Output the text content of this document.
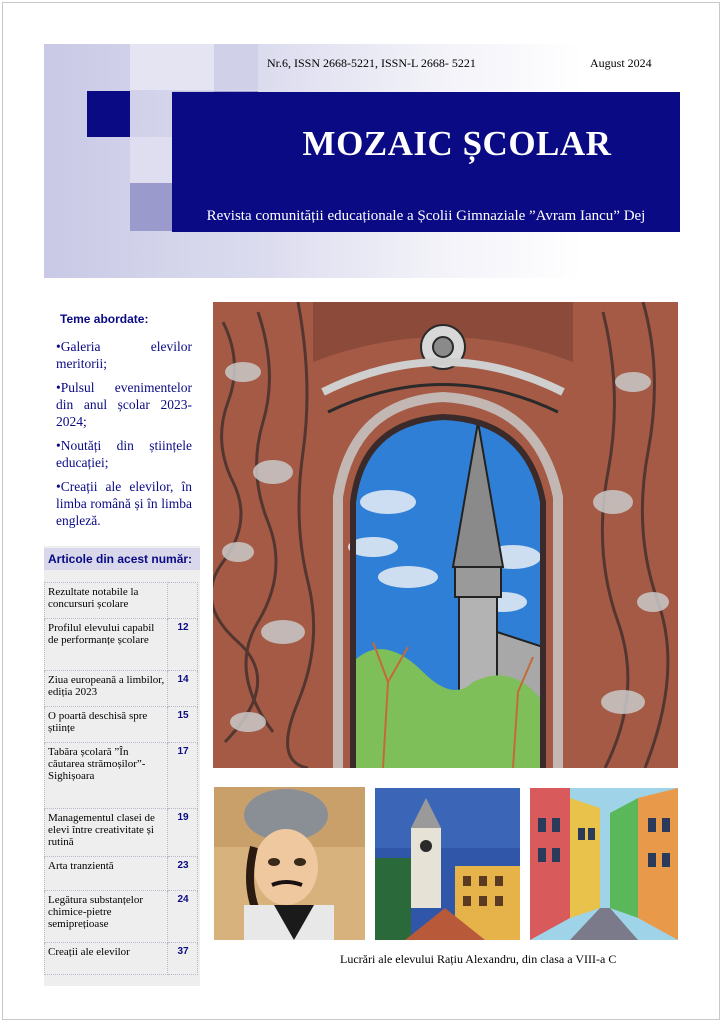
Nr.6, ISSN 2668-5221, ISSN-L 2668- 5221	August 2024
MOZAIC ȘCOLAR
Revista comunității educaționale a Școlii Gimnaziale ”Avram Iancu” Dej
Teme abordate:
•Galeria elevilor meritorii;
•Pulsul evenimentelor din anul școlar 2023-2024;
•Noutăți din științele educației;
•Creații ale elevilor, în limba română și în limba engleză.
Articole din acest număr:
Rezultate notabile la concursuri școlare	
Profilul elevului capabil de performanțe școlare	12
Ziua europeană a limbilor, ediția 2023	14
O poartă deschisă spre științe	15
Tabăra școlară ”În căutarea strămoșilor”- Sighișoara	17
Managementul clasei de elevi între creativitate și rutină	19
Arta tranzientă	23
Legătura substanțelor chimice-pietre semiprețioase	24
Creații ale elevilor	37
Lucrări ale elevului Rațiu Alexandru, din clasa a VIII-a C
